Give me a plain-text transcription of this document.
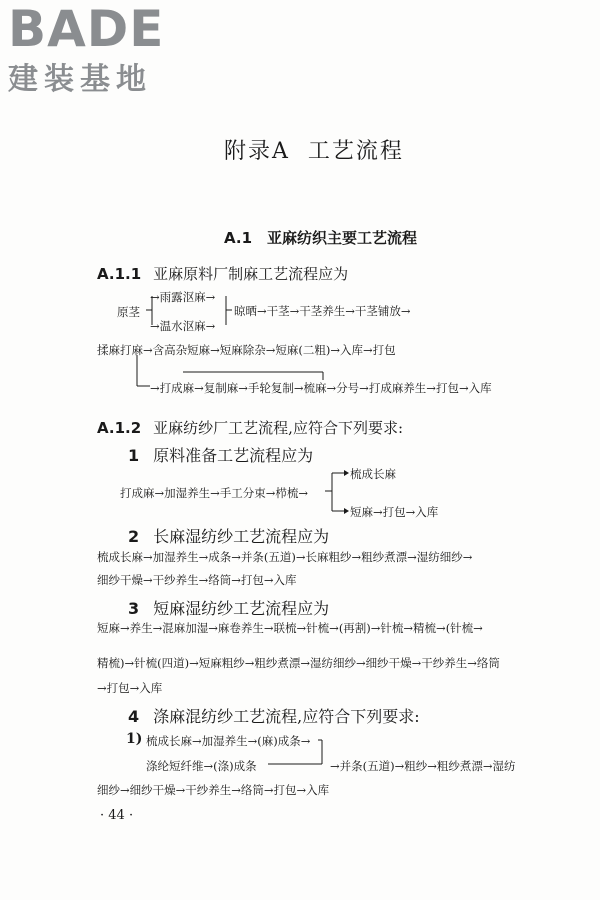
BADE
建装基地
附录A 工艺流程
A.1　亚麻纺织主要工艺流程
A.1.1 亚麻原料厂制麻工艺流程应为
原茎
→雨露沤麻→
→温水沤麻→
晾晒→干茎→干茎养生→干茎铺放→
揉麻打麻→含高杂短麻→短麻除杂→短麻(二粗)→入库→打包
→打成麻→复制麻→手轮复制→梳麻→分号→打成麻养生→打包→入库
A.1.2 亚麻纺纱厂工艺流程,应符合下列要求:
1 原料准备工艺流程应为
梳成长麻
打成麻→加湿养生→手工分束→栉梳→
短麻→打包→入库
2 长麻湿纺纱工艺流程应为
梳成长麻→加湿养生→成条→并条(五道)→长麻粗纱→粗纱煮漂→湿纺细纱→
细纱干燥→干纱养生→络筒→打包→入库
3 短麻湿纺纱工艺流程应为
短麻→养生→混麻加湿→麻卷养生→联梳→针梳→(再割)→针梳→精梳→(针梳→
精梳)→针梳(四道)→短麻粗纱→粗纱煮漂→湿纺细纱→细纱干燥→干纱养生→络筒
→打包→入库
4 涤麻混纺纱工艺流程,应符合下列要求:
1) 梳成长麻→加湿养生→(麻)成条→
涤纶短纤维→(涤)成条	→并条(五道)→粗纱→粗纱煮漂→湿纺
细纱→细纱干燥→干纱养生→络筒→打包→入库
· 44 ·
